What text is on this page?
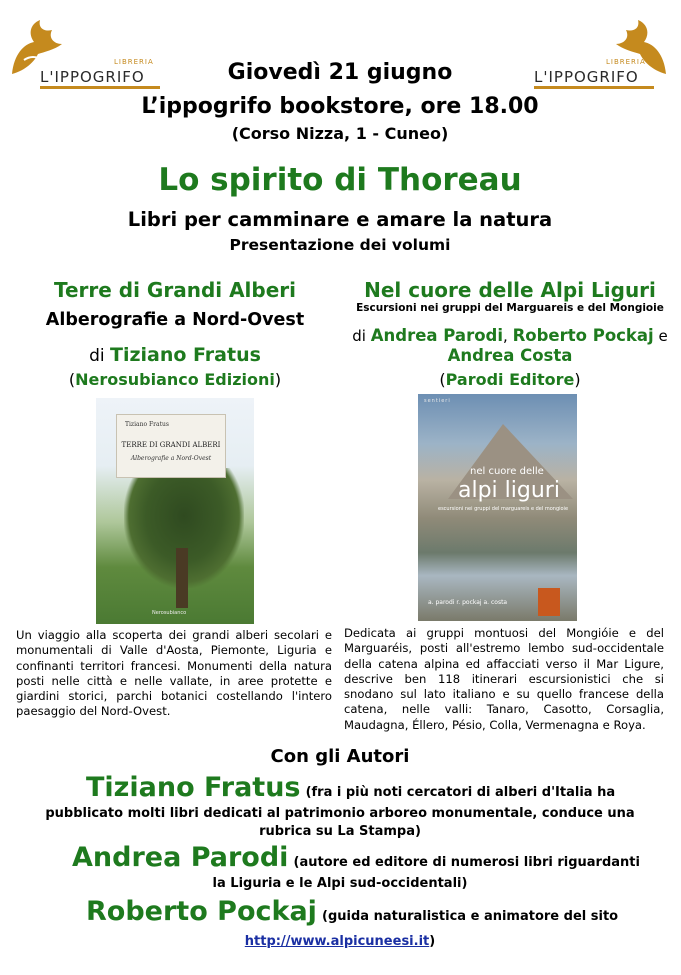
LIBRERIA
L'IPPOGRIFO
LIBRERIA
L'IPPOGRIFO
Giovedì 21 giugno
L’ippogrifo bookstore, ore 18.00
(Corso Nizza, 1 - Cuneo)
Lo spirito di Thoreau
Libri per camminare e amare la natura
Presentazione dei volumi
Terre di Grandi Alberi
Alberografie a Nord-Ovest
di Tiziano Fratus
(Nerosubianco Edizioni)
Tiziano Fratus
TERRE DI GRANDI ALBERI
Alberografie a Nord-Ovest
Nerosubianco
Un viaggio alla scoperta dei grandi alberi secolari e monumentali di Valle d'Aosta, Piemonte, Liguria e confinanti territori francesi. Monumenti della natura posti nelle città e nelle vallate, in aree protette e giardini storici, parchi botanici costellando l'intero paesaggio del Nord-Ovest.
Nel cuore delle Alpi Liguri
Escursioni nei gruppi del Marguareis e del Mongioie
di Andrea Parodi, Roberto Pockaj e
Andrea Costa
(Parodi Editore)
sentieri
nel cuore delle
alpi liguri
escursioni nei gruppi del marguareis e del mongioie
a. parodi r. pockaj a. costa
Dedicata ai gruppi montuosi del Mongióie e del Marguaréis, posti all'estremo lembo sud-occidentale della catena alpina ed affacciati verso il Mar Ligure, descrive ben 118 itinerari escursionistici che si snodano sul lato italiano e su quello francese della catena, nelle valli: Tanaro, Casotto, Corsaglia, Maudagna, Éllero, Pésio, Colla, Vermenagna e Roya.
Con gli Autori
Tiziano Fratus (fra i più noti cercatori di alberi d'Italia ha
pubblicato molti libri dedicati al patrimonio arboreo monumentale, conduce una
rubrica su La Stampa)
Andrea Parodi (autore ed editore di numerosi libri riguardanti
la Liguria e le Alpi sud-occidentali)
Roberto Pockaj (guida naturalistica e animatore del sito
http://www.alpicuneesi.it)
